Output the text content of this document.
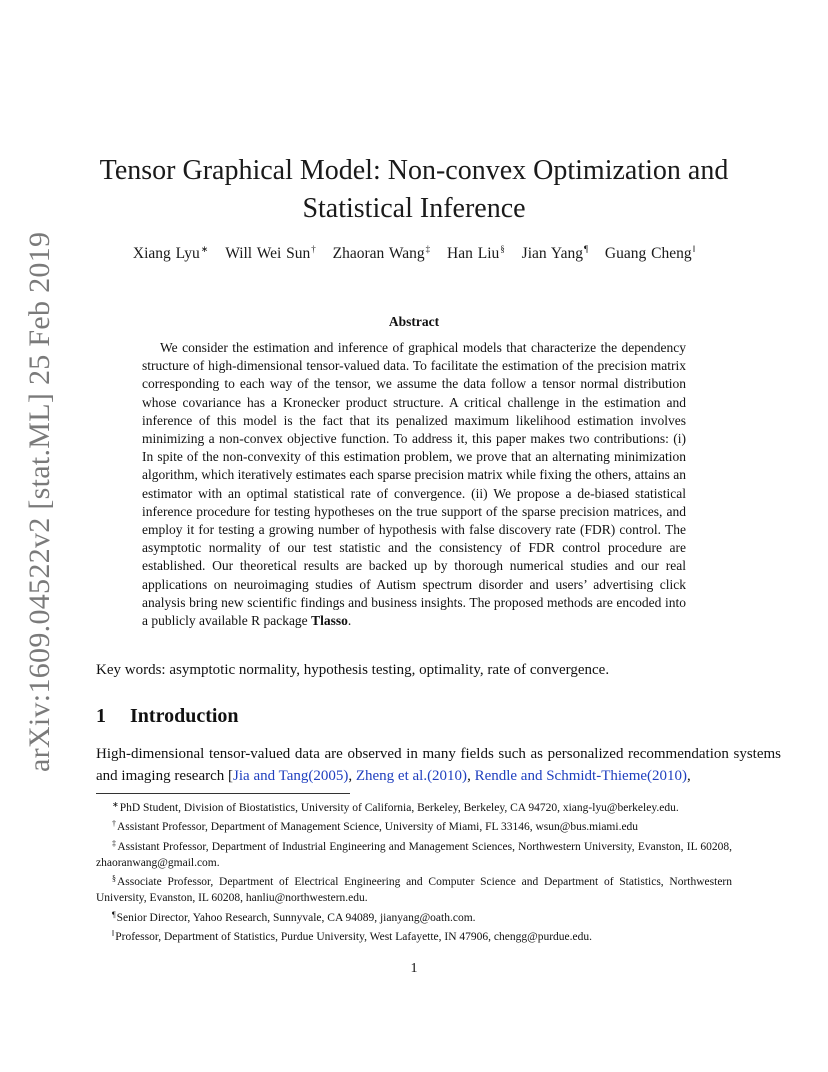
arXiv:1609.04522v2 [stat.ML] 25 Feb 2019
Tensor Graphical Model: Non-convex Optimization and
Statistical Inference
Xiang Lyu∗ Will Wei Sun† Zhaoran Wang‡ Han Liu§ Jian Yang¶ Guang Cheng‖
Abstract
We consider the estimation and inference of graphical models that characterize the dependency structure of high-dimensional tensor-valued data. To facilitate the estimation of the precision matrix corresponding to each way of the tensor, we assume the data follow a tensor normal distribution whose covariance has a Kronecker product structure. A critical challenge in the estimation and inference of this model is the fact that its penalized maximum likelihood estimation involves minimizing a non-convex objective function. To address it, this paper makes two contributions: (i) In spite of the non-convexity of this estimation problem, we prove that an alternating minimization algorithm, which iteratively estimates each sparse precision matrix while fixing the others, attains an estimator with an optimal statistical rate of convergence. (ii) We propose a de-biased statistical inference procedure for testing hypotheses on the true support of the sparse precision matrices, and employ it for testing a growing number of hypothesis with false discovery rate (FDR) control. The asymptotic normality of our test statistic and the consistency of FDR control procedure are established. Our theoretical results are backed up by thorough numerical studies and our real applications on neuroimaging studies of Autism spectrum disorder and users’ advertising click analysis bring new scientific findings and business insights. The proposed methods are encoded into a publicly available R package Tlasso.
Key words: asymptotic normality, hypothesis testing, optimality, rate of convergence.
1 Introduction
High-dimensional tensor-valued data are observed in many fields such as personalized recommendation systems and imaging research [Jia and Tang(2005), Zheng et al.(2010), Rendle and Schmidt-Thieme(2010),

∗PhD Student, Division of Biostatistics, University of California, Berkeley, Berkeley, CA 94720, xiang-lyu@berkeley.edu.

†Assistant Professor, Department of Management Science, University of Miami, FL 33146, wsun@bus.miami.edu

‡Assistant Professor, Department of Industrial Engineering and Management Sciences, Northwestern University, Evanston, IL 60208, zhaoranwang@gmail.com.

§Associate Professor, Department of Electrical Engineering and Computer Science and Department of Statistics, Northwestern University, Evanston, IL 60208, hanliu@northwestern.edu.

¶Senior Director, Yahoo Research, Sunnyvale, CA 94089, jianyang@oath.com.

‖Professor, Department of Statistics, Purdue University, West Lafayette, IN 47906, chengg@purdue.edu.

1
